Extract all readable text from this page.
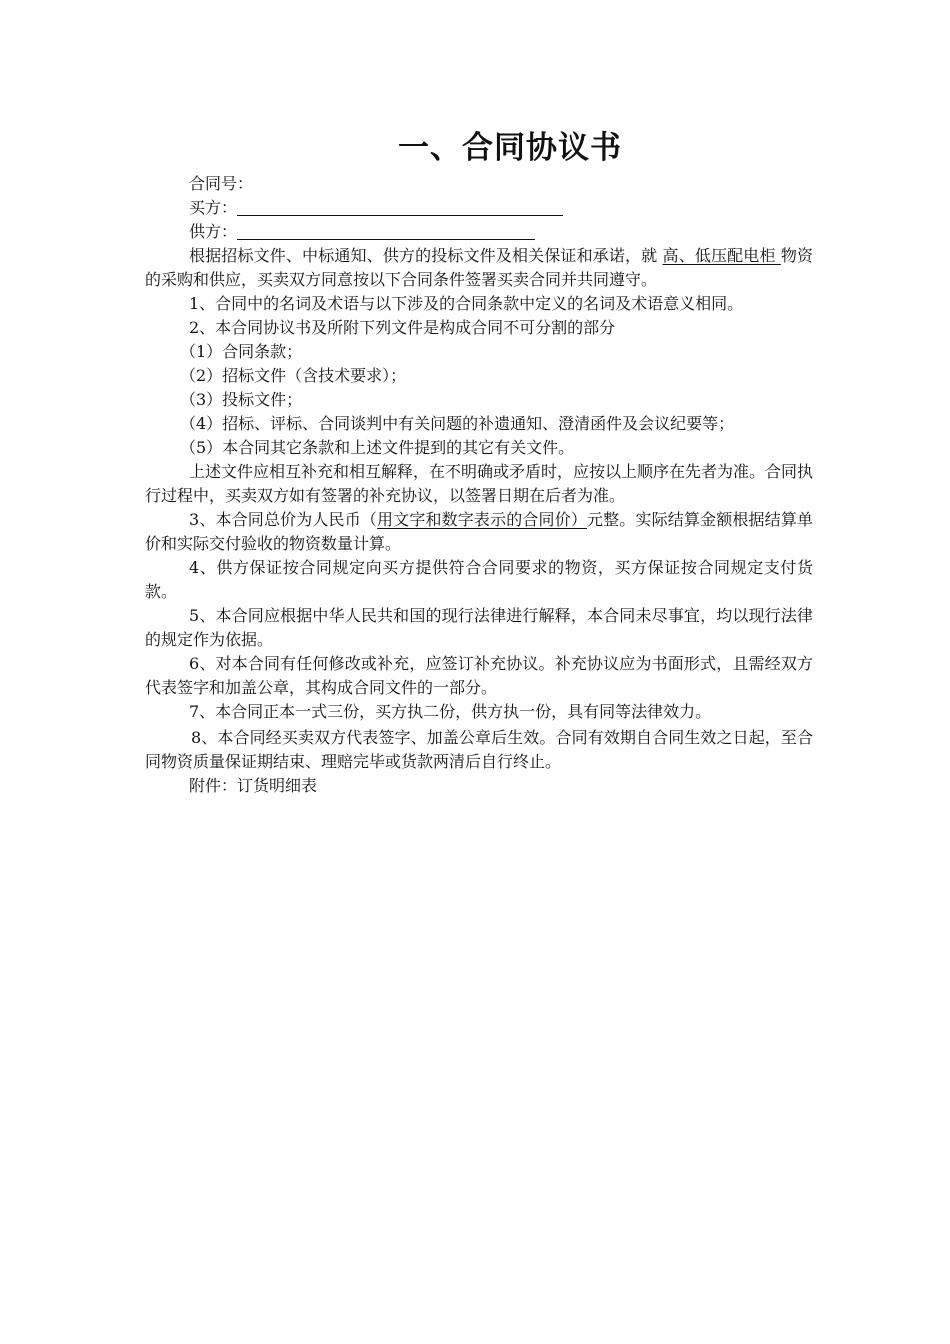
一、合同协议书

合同号：

买方：

供方：

根据招标文件、中标通知、供方的投标文件及相关保证和承诺，就 高、低压配电柜 物资的采购和供应，买卖双方同意按以下合同条件签署买卖合同并共同遵守。

1、合同中的名词及术语与以下涉及的合同条款中定义的名词及术语意义相同。

2、本合同协议书及所附下列文件是构成合同不可分割的部分

（1）合同条款；

（2）招标文件（含技术要求）；

（3）投标文件；

（4）招标、评标、合同谈判中有关问题的补遗通知、澄清函件及会议纪要等；

（5）本合同其它条款和上述文件提到的其它有关文件。

上述文件应相互补充和相互解释，在不明确或矛盾时，应按以上顺序在先者为准。合同执行过程中，买卖双方如有签署的补充协议，以签署日期在后者为准。

3、本合同总价为人民币（用文字和数字表示的合同价）元整。实际结算金额根据结算单价和实际交付验收的物资数量计算。

4、供方保证按合同规定向买方提供符合合同要求的物资，买方保证按合同规定支付货款。

5、本合同应根据中华人民共和国的现行法律进行解释，本合同未尽事宜，均以现行法律的规定作为依据。

6、对本合同有任何修改或补充，应签订补充协议。补充协议应为书面形式，且需经双方代表签字和加盖公章，其构成合同文件的一部分。

7、本合同正本一式三份，买方执二份，供方执一份，具有同等法律效力。

8、本合同经买卖双方代表签字、加盖公章后生效。合同有效期自合同生效之日起，至合同物资质量保证期结束、理赔完毕或货款两清后自行终止。

附件：订货明细表
